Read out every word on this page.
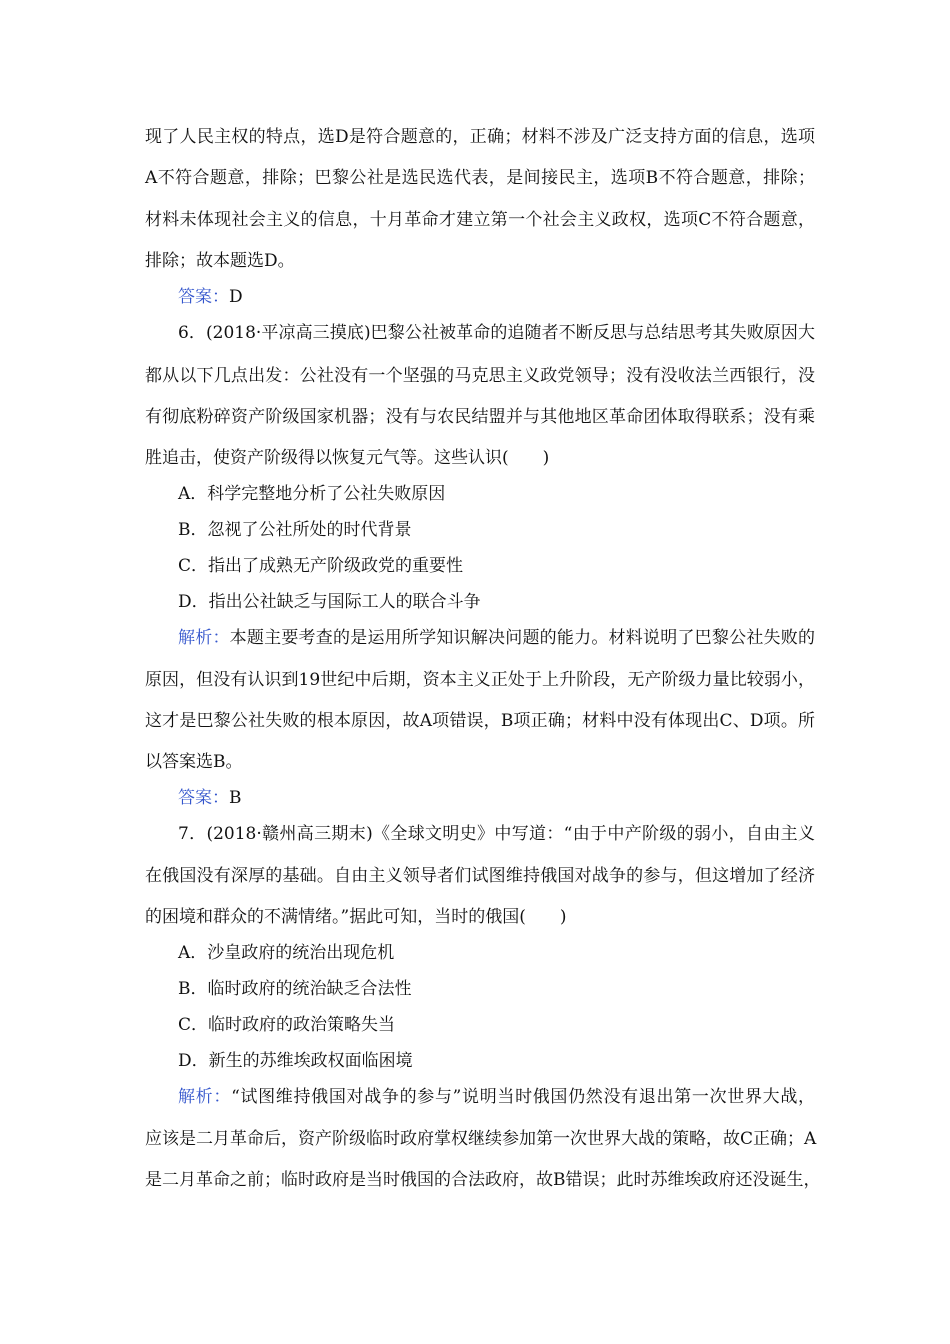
现了人民主权的特点，选D是符合题意的，正确；材料不涉及广泛支持方面的信息，选项
A不符合题意，排除；巴黎公社是选民选代表，是间接民主，选项B不符合题意，排除；
材料未体现社会主义的信息，十月革命才建立第一个社会主义政权，选项C不符合题意，
排除；故本题选D。
答案：D
6．(2018·平凉高三摸底)巴黎公社被革命的追随者不断反思与总结思考其失败原因大
都从以下几点出发：公社没有一个坚强的马克思主义政党领导；没有没收法兰西银行，没
有彻底粉碎资产阶级国家机器；没有与农民结盟并与其他地区革命团体取得联系；没有乘
胜追击，使资产阶级得以恢复元气等。这些认识(　　)
A．科学完整地分析了公社失败原因
B．忽视了公社所处的时代背景
C．指出了成熟无产阶级政党的重要性
D．指出公社缺乏与国际工人的联合斗争
解析：本题主要考查的是运用所学知识解决问题的能力。材料说明了巴黎公社失败的
原因，但没有认识到19世纪中后期，资本主义正处于上升阶段，无产阶级力量比较弱小，
这才是巴黎公社失败的根本原因，故A项错误，B项正确；材料中没有体现出C、D项。所
以答案选B。
答案：B
7．(2018·赣州高三期末)《全球文明史》中写道：“由于中产阶级的弱小，自由主义
在俄国没有深厚的基础。自由主义领导者们试图维持俄国对战争的参与，但这增加了经济
的困境和群众的不满情绪。”据此可知，当时的俄国(　　)
A．沙皇政府的统治出现危机
B．临时政府的统治缺乏合法性
C．临时政府的政治策略失当
D．新生的苏维埃政权面临困境
解析：“试图维持俄国对战争的参与”说明当时俄国仍然没有退出第一次世界大战，
应该是二月革命后，资产阶级临时政府掌权继续参加第一次世界大战的策略，故C正确；A
是二月革命之前；临时政府是当时俄国的合法政府，故B错误；此时苏维埃政府还没诞生，
